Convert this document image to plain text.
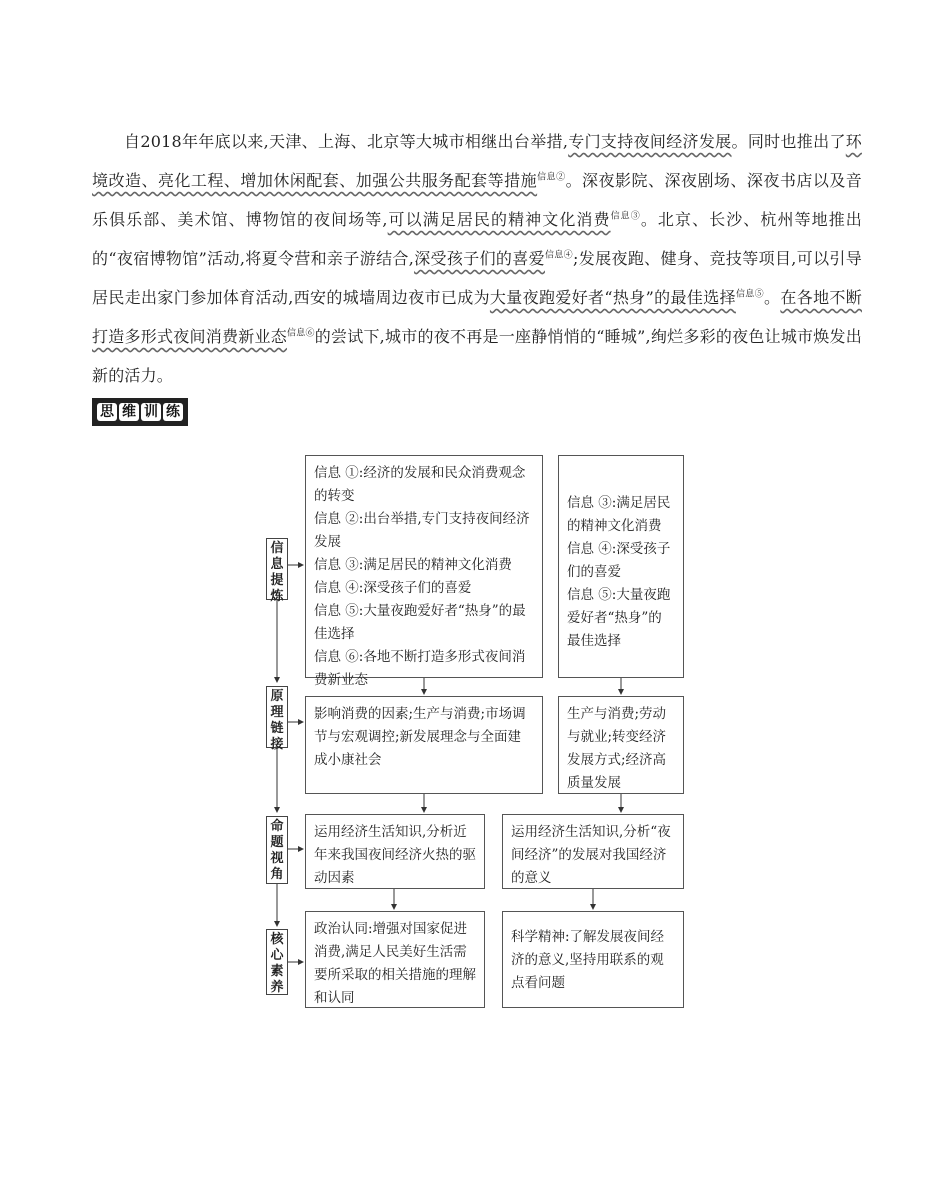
自2018年年底以来,天津、上海、北京等大城市相继出台举措,专门支持夜间经济发展。同时也推出了环境改造、亮化工程、增加休闲配套、加强公共服务配套等措施$^{信息②}$。深夜影院、深夜剧场、深夜书店以及音乐俱乐部、美术馆、博物馆的夜间场等,可以满足居民的精神文化消费$^{信息③}$。北京、长沙、杭州等地推出的“夜宿博物馆”活动,将夏令营和亲子游结合,深受孩子们的喜爱$^{信息④}$;发展夜跑、健身、竞技等项目,可以引导居民走出家门参加体育活动,西安的城墙周边夜市已成为大量夜跑爱好者“热身”的最佳选择$^{信息⑤}$。在各地不断打造多形式夜间消费新业态$^{信息⑥}$的尝试下,城市的夜不再是一座静悄悄的“睡城”,绚烂多彩的夜色让城市焕发出新的活力。
思 维 训 练
信息提炼
原理链接
命题视角
核心素养
信息 ①:经济的发展和民众消费观念的转变
信息 ②:出台举措,专门支持夜间经济发展
信息 ③:满足居民的精神文化消费
信息 ④:深受孩子们的喜爱
信息 ⑤:大量夜跑爱好者“热身”的最佳选择
信息 ⑥:各地不断打造多形式夜间消费新业态
信息 ③:满足居民的精神文化消费
信息 ④:深受孩子们的喜爱
信息 ⑤:大量夜跑爱好者“热身”的最佳选择
影响消费的因素;生产与消费;市场调节与宏观调控;新发展理念与全面建成小康社会
生产与消费;劳动与就业;转变经济发展方式;经济高质量发展
运用经济生活知识,分析近年来我国夜间经济火热的驱动因素
运用经济生活知识,分析“夜间经济”的发展对我国经济的意义
政治认同:增强对国家促进消费,满足人民美好生活需要所采取的相关措施的理解和认同
科学精神:了解发展夜间经济的意义,坚持用联系的观点看问题
